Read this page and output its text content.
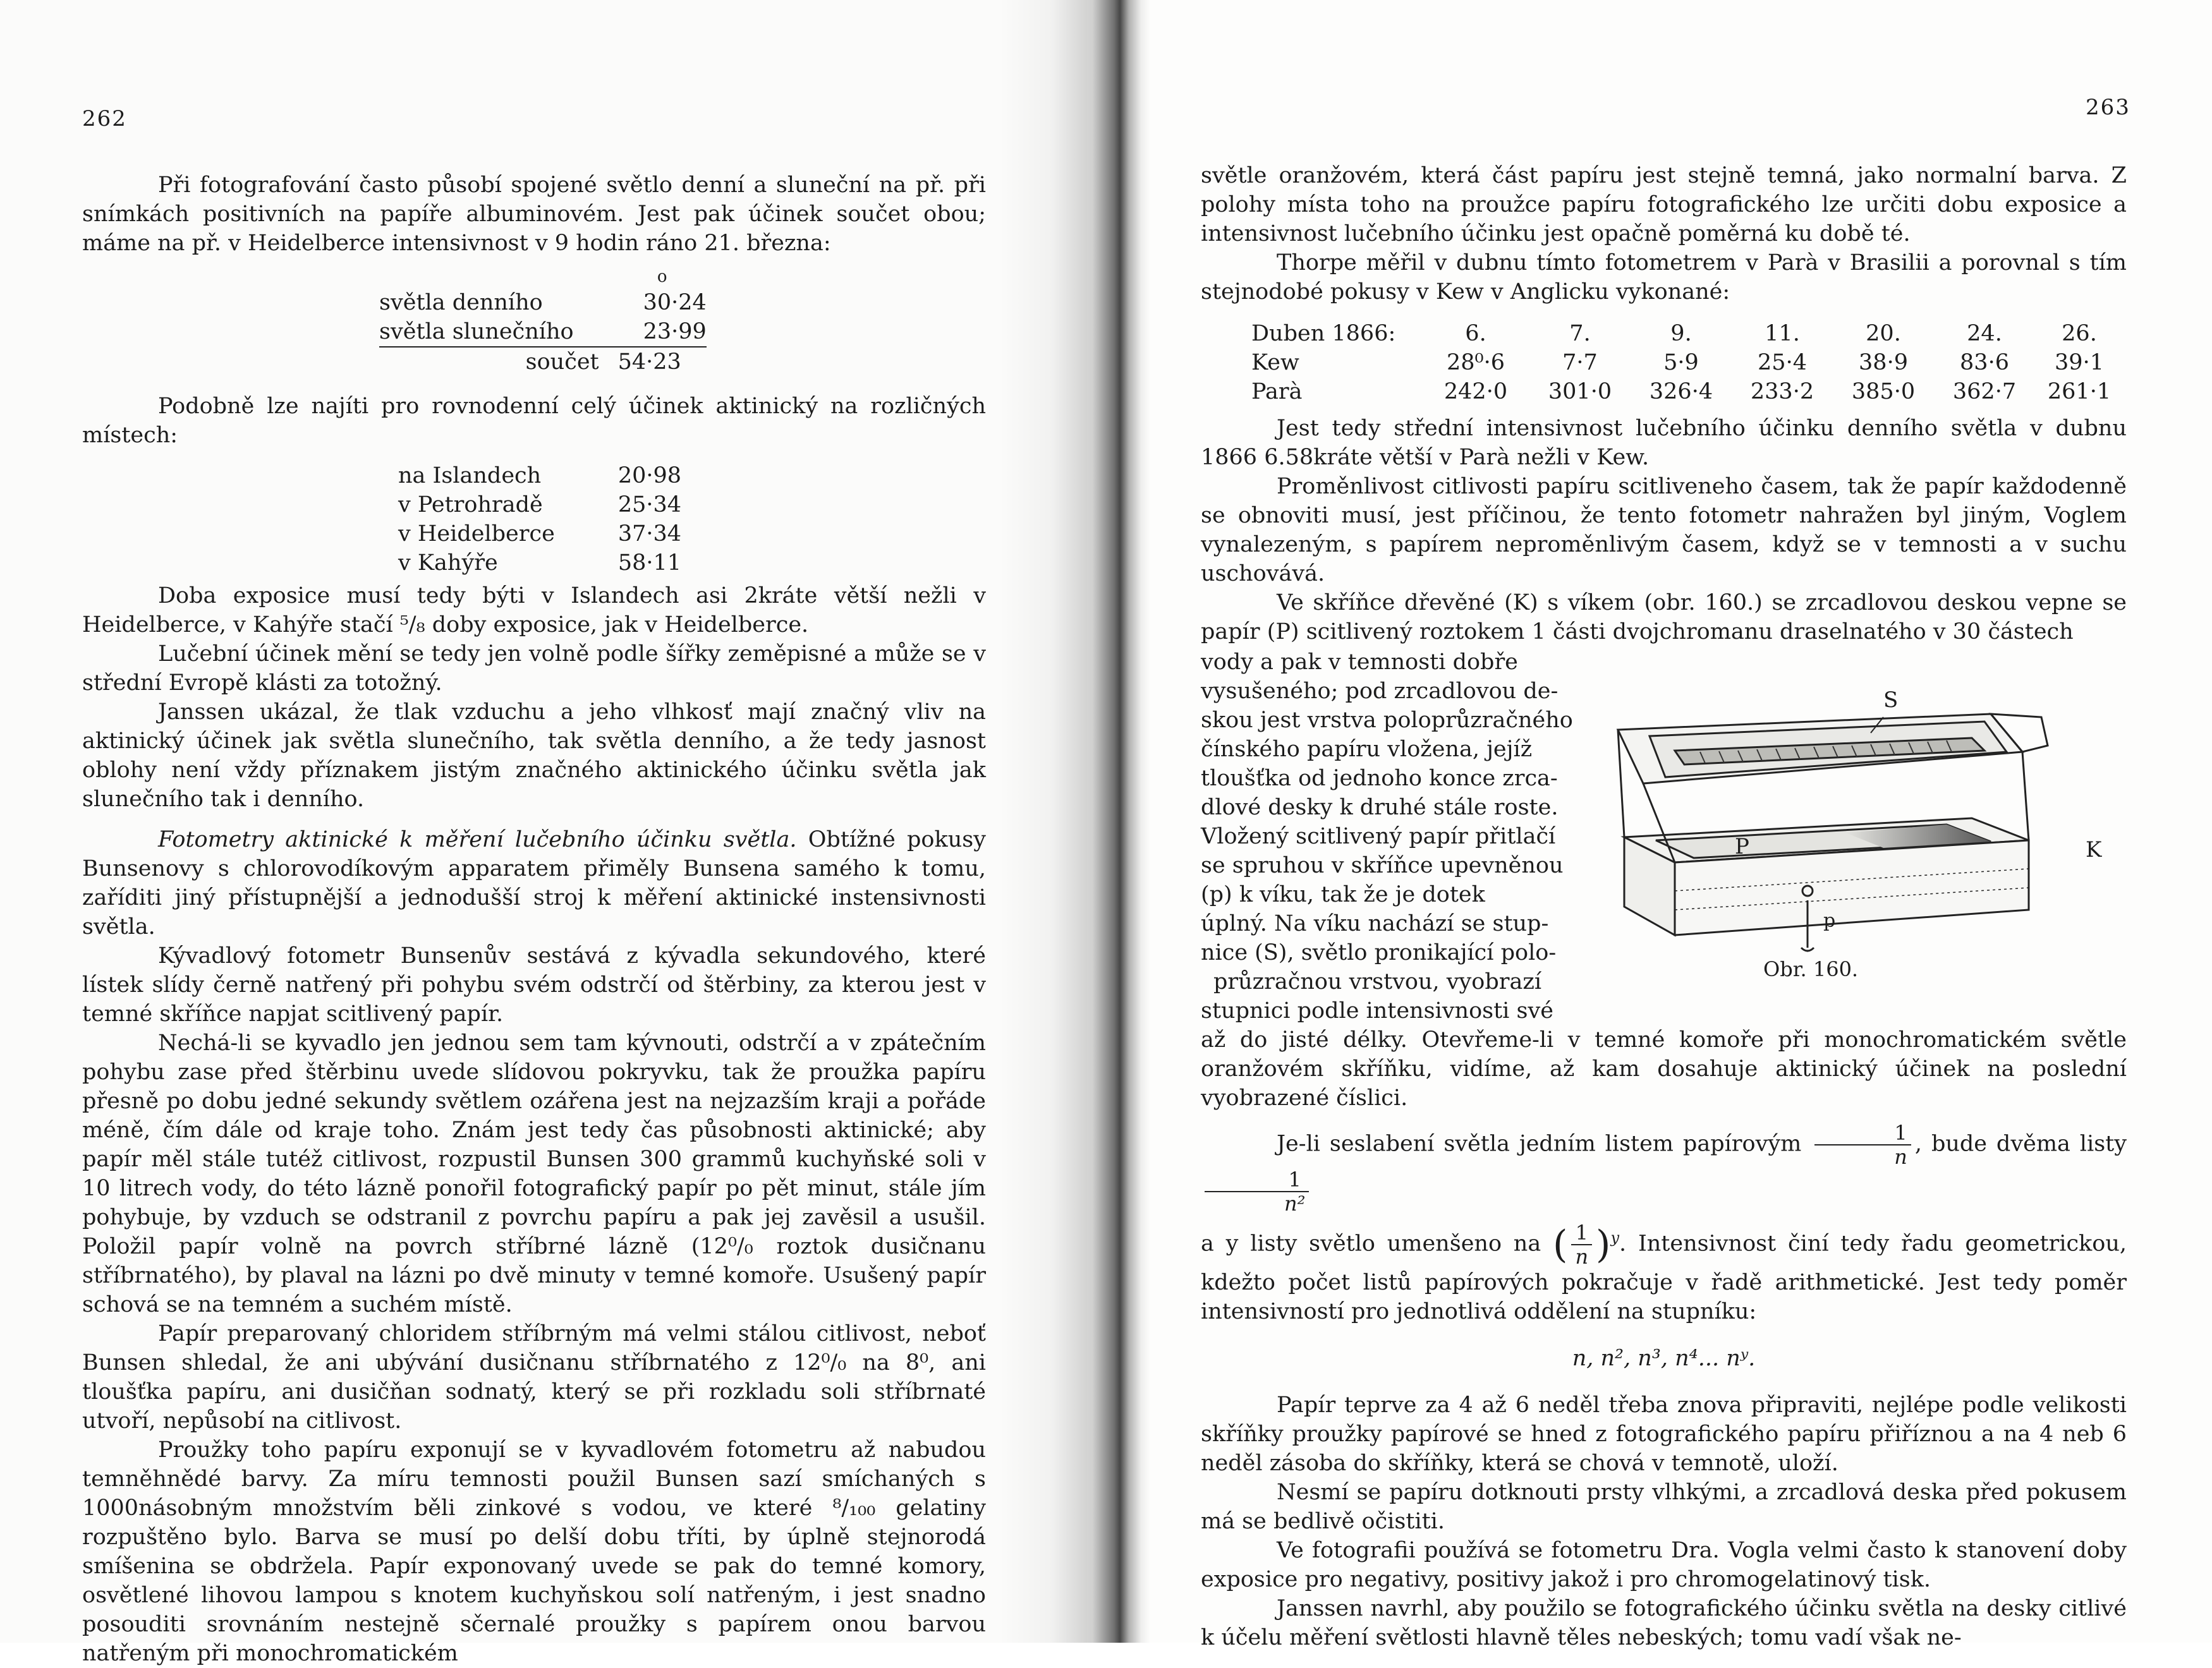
262

Při fotografování často působí spojené světlo denní a sluneční na př. při snímkách positivních na papíře albuminovém. Jest pak účinek součet obou; máme na př. v Heidelberce intensivnost v 9 hodin ráno 21. března:

	o
světla denního	30·24
světla slunečního	23·99
součet	54·23

Podobně lze najíti pro rovnodenní celý účinek aktinický na rozličných místech:

na Islandech	20·98
v Petrohradě	25·34
v Heidelberce	37·34
v Kahýře	58·11

Doba exposice musí tedy býti v Islandech asi 2kráte větší nežli v Heidelberce, v Kahýře stačí ⁵/₈ doby exposice, jak v Heidelberce.

Lučební účinek mění se tedy jen volně podle šířky zeměpisné a může se v střední Evropě klásti za totožný.

Janssen ukázal, že tlak vzduchu a jeho vlhkosť mají značný vliv na aktinický účinek jak světla slunečního, tak světla denního, a že tedy jasnost oblohy není vždy příznakem jistým značného aktinického účinku světla jak slunečního tak i denního.

Fotometry aktinické k měření lučebního účinku světla. Obtížné pokusy Bunsenovy s chlorovodíkovým apparatem přiměly Bunsena samého k tomu, zaříditi jiný přístupnější a jednodušší stroj k měření aktinické instensivnosti světla.

Kývadlový fotometr Bunsenův sestává z kývadla sekundového, které lístek slídy černě natřený při pohybu svém odstrčí od štěrbiny, za kterou jest v temné skříňce napjat scitlivený papír.

Nechá-li se kyvadlo jen jednou sem tam kývnouti, odstrčí a v zpátečním pohybu zase před štěrbinu uvede slídovou pokryvku, tak že proužka papíru přesně po dobu jedné sekundy světlem ozářena jest na nejzazším kraji a pořáde méně, čím dále od kraje toho. Znám jest tedy čas působnosti aktinické; aby papír měl stále tutéž citlivost, rozpustil Bunsen 300 grammů kuchyňské soli v 10 litrech vody, do této lázně ponořil fotografický papír po pět minut, stále jím pohybuje, by vzduch se odstranil z povrchu papíru a pak jej zavěsil a usušil. Položil papír volně na povrch stříbrné lázně (12⁰/₀ roztok dusičnanu stříbrnatého), by plaval na lázni po dvě minuty v temné komoře. Usušený papír schová se na temném a suchém místě.

Papír preparovaný chloridem stříbrným má velmi stálou citlivost, neboť Bunsen shledal, že ani ubývání dusičnanu stříbrnatého z 12⁰/₀ na 8⁰, ani tloušťka papíru, ani dusičňan sodnatý, který se při rozkladu soli stříbrnaté utvoří, nepůsobí na citlivost.

Proužky toho papíru exponují se v kyvadlovém fotometru až nabudou temněhnědé barvy. Za míru temnosti použil Bunsen sazí smíchaných s 1000násobným množstvím běli zinkové s vodou, ve které ⁸/₁₀₀ gelatiny rozpuštěno bylo. Barva se musí po delší dobu tříti, by úplně stejnorodá smíšenina se obdržela. Papír exponovaný uvede se pak do temné komory, osvětlené lihovou lampou s knotem kuchyňskou solí natřeným, i jest snadno posouditi srovnáním nestejně sčernalé proužky s papírem onou barvou natřeným při monochromatickém

263

světle oranžovém, která část papíru jest stejně temná, jako normalní barva. Z polohy místa toho na proužce papíru fotografického lze určiti dobu exposice a intensivnost lučebního účinku jest opačně poměrná ku době té.

Thorpe měřil v dubnu tímto fotometrem v Parà v Brasilii a porovnal s tím stejnodobé pokusy v Kew v Anglicku vykonané:

Duben 1866:	6.	7.	9.	11.	20.	24.	26.
Kew	28⁰·6	7·7	5·9	25·4	38·9	83·6	39·1
Parà	242·0	301·0	326·4	233·2	385·0	362·7	261·1

Jest tedy střední intensivnost lučebního účinku denního světla v dubnu 1866 6.58kráte větší v Parà nežli v Kew.

Proměnlivost citlivosti papíru scitliveneho časem, tak že papír každodenně se obnoviti musí, jest příčinou, že tento fotometr nahražen byl jiným, Voglem vynalezeným, s papírem neproměnlivým časem, když se v temnosti a v suchu uschovává.

Ve skříňce dřevěné (K) s víkem (obr. 160.) se zrcadlovou deskou vepne se papír (P) scitlivený roztokem 1 části dvojchromanu draselnatého v 30 částech

vody a pak v temnosti dobře
vysušeného; pod zrcadlovou de-
skou jest vrstva poloprůzračného
čínského papíru vložena, jejíž
tloušťka od jednoho konce zrca-
dlové desky k druhé stále roste.
Vložený scitlivený papír přitlačí
se spruhou v skříňce upevněnou
(p) k víku, tak že je dotek
úplný. Na víku nachází se stup-
nice (S), světlo pronikající polo-
průzračnou vrstvou, vyobrazí
stupnici podle intensivnosti své
S
P	K
p
Obr. 160.

až do jisté délky. Otevřeme-li v temné komoře při monochromatickém světle oranžovém skříňku, vidíme, až kam dosahuje aktinický účinek na poslední vyobrazené číslici.

Je-li seslabení světla jedním listem papírovým $\frac{1}{n}$ , bude dvěma listy $\frac{1}{\text{n²}}$

a y listy světlo umenšeno na ( $\frac{1}{n} )^y$. Intensivnost činí tedy řadu geometrickou, kdežto počet listů papírových pokračuje v řadě arithmetické. Jest tedy poměr intensivností pro jednotlivá oddělení na stupníku:

n, n², n³, n⁴... nʸ.

Papír teprve za 4 až 6 neděl třeba znova připraviti, nejlépe podle velikosti skříňky proužky papírové se hned z fotografického papíru přiříznou a na 4 neb 6 neděl zásoba do skříňky, která se chová v temnotě, uloží.

Nesmí se papíru dotknouti prsty vlhkými, a zrcadlová deska před pokusem má se bedlivě očistiti.

Ve fotografii používá se fotometru Dra. Vogla velmi často k stanovení doby exposice pro negativy, positivy jakož i pro chromogelatinový tisk.

Janssen navrhl, aby použilo se fotografického účinku světla na desky citlivé k účelu měření světlosti hlavně těles nebeských; tomu vadí však ne-
